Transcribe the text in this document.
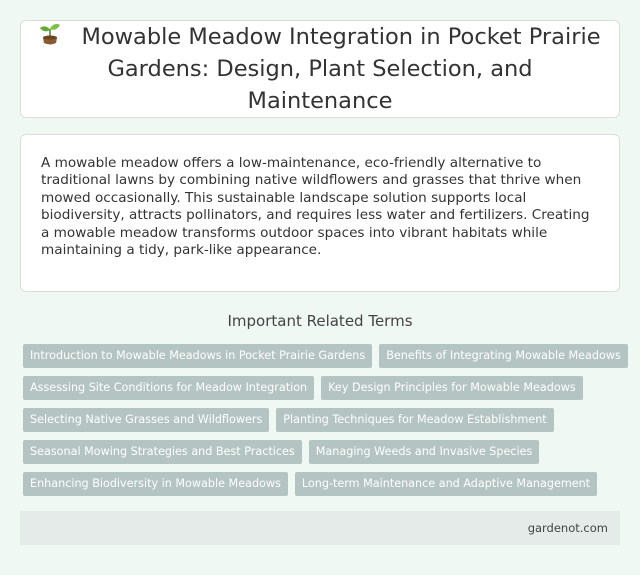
Mowable Meadow Integration in Pocket Prairie Gardens: Design, Plant Selection, and Maintenance

A mowable meadow offers a low-maintenance, eco-friendly alternative to traditional lawns by combining native wildflowers and grasses that thrive when mowed occasionally. This sustainable landscape solution supports local biodiversity, attracts pollinators, and requires less water and fertilizers. Creating a mowable meadow transforms outdoor spaces into vibrant habitats while maintaining a tidy, park-like appearance.

Important Related Terms
Introduction to Mowable Meadows in Pocket Prairie Gardens	Benefits of Integrating Mowable Meadows
Assessing Site Conditions for Meadow Integration	Key Design Principles for Mowable Meadows
Selecting Native Grasses and Wildflowers	Planting Techniques for Meadow Establishment
Seasonal Mowing Strategies and Best Practices	Managing Weeds and Invasive Species
Enhancing Biodiversity in Mowable Meadows	Long-term Maintenance and Adaptive Management
gardenot.com
